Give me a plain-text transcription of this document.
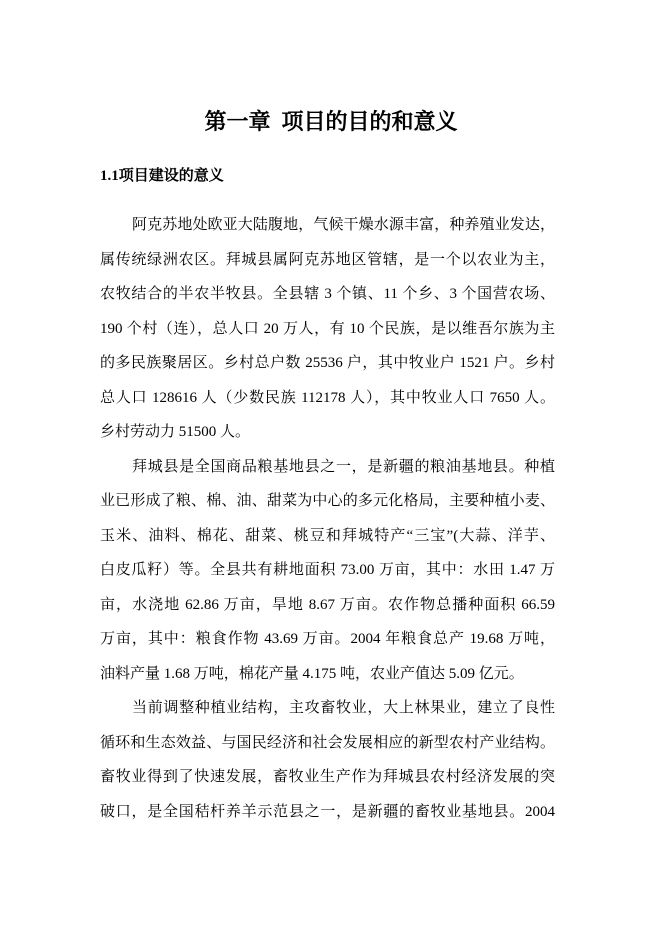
第一章  项目的目的和意义
1.1项目建设的意义
阿克苏地处欧亚大陆腹地，气候干燥水源丰富，种养殖业发达，
属传统绿洲农区。拜城县属阿克苏地区管辖，是一个以农业为主，
农牧结合的半农半牧县。全县辖 3 个镇、11 个乡、3 个国营农场、
190 个村（连），总人口 20 万人，有 10 个民族，是以维吾尔族为主
的多民族聚居区。乡村总户数 25536 户，其中牧业户 1521 户。乡村
总人口 128616 人（少数民族 112178 人），其中牧业人口 7650 人。
乡村劳动力 51500 人。
拜城县是全国商品粮基地县之一，是新疆的粮油基地县。种植
业已形成了粮、棉、油、甜菜为中心的多元化格局，主要种植小麦、
玉米、油料、棉花、甜菜、桃豆和拜城特产“三宝”(大蒜、洋芋、
白皮瓜籽）等。全县共有耕地面积 73.00 万亩，其中：水田 1.47 万
亩，水浇地 62.86 万亩，旱地 8.67 万亩。农作物总播种面积 66.59
万亩，其中：粮食作物 43.69 万亩。2004 年粮食总产 19.68 万吨，
油料产量 1.68 万吨，棉花产量 4.175 吨，农业产值达 5.09 亿元。
当前调整种植业结构，主攻畜牧业，大上林果业，建立了良性
循环和生态效益、与国民经济和社会发展相应的新型农村产业结构。
畜牧业得到了快速发展，畜牧业生产作为拜城县农村经济发展的突
破口，是全国秸杆养羊示范县之一，是新疆的畜牧业基地县。2004
